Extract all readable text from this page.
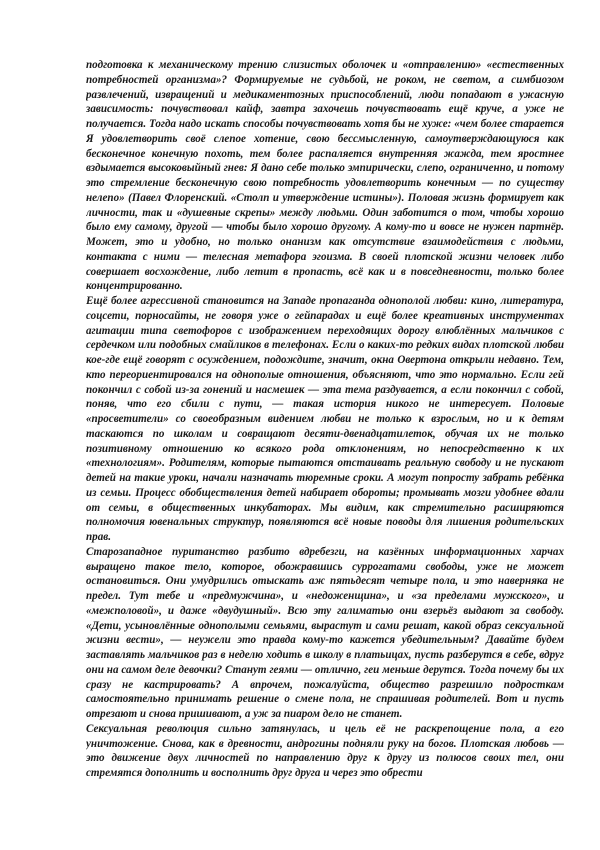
подготовка к механическому трению слизистых оболочек и «отправлению» «естественных потребностей организма»? Формируемые не судьбой, не роком, не светом, а симбиозом развлечений, извращений и медикаментозных приспособлений, люди попадают в ужасную зависимость: почувствовал кайф, завтра захочешь почувствовать ещё круче, а уже не получается. Тогда надо искать способы почувствовать хотя бы не хуже: «чем более старается Я удовлетворить своё слепое хотение, свою бессмысленную, самоутверждающуюся как бесконечное конечную похоть, тем более распаляется внутренняя жажда, тем яростнее вздымается высоковыйный гнев: Я дано себе только эмпирически, слепо, ограниченно, и потому это стремление бесконечную свою потребность удовлетворить конечным — по существу нелепо» (Павел Флоренский. «Столп и утверждение истины»). Половая жизнь формирует как личности, так и «душевные скрепы» между людьми. Один заботится о том, чтобы хорошо было ему самому, другой — чтобы было хорошо другому. А кому-то и вовсе не нужен партнёр. Может, это и удобно, но только онанизм как отсутствие взаимодействия с людьми, контакта с ними — телесная метафора эгоизма. В своей плотской жизни человек либо совершает восхождение, либо летит в пропасть, всё как и в повседневности, только более концентрированно.

Ещё более агрессивной становится на Западе пропаганда однополой любви: кино, литература, соцсети, порносайты, не говоря уже о гейпарадах и ещё более креативных инструментах агитации типа светофоров с изображением переходящих дорогу влюблённых мальчиков с сердечком или подобных смайликов в телефонах. Если о каких-то редких видах плотской любви кое-где ещё говорят с осуждением, подождите, значит, окна Овертона открыли недавно. Тем, кто переориентировался на однополые отношения, объясняют, что это нормально. Если гей покончил с собой из-за гонений и насмешек — эта тема раздувается, а если покончил с собой, поняв, что его сбили с пути, — такая история никого не интересует. Половые «просветители» со своеобразным видением любви не только к взрослым, но и к детям таскаются по школам и совращают десяти-двенадцатилеток, обучая их не только позитивному отношению ко всякого рода отклонениям, но непосредственно к их «технологиям». Родителям, которые пытаются отстаивать реальную свободу и не пускают детей на такие уроки, начали назначать тюремные сроки. А могут попросту забрать ребёнка из семьи. Процесс обобществления детей набирает обороты; промывать мозги удобнее вдали от семьи, в общественных инкубаторах. Мы видим, как стремительно расширяются полномочия ювенальных структур, появляются всё новые поводы для лишения родительских прав.

Старозападное пуританство разбито вдребезги, на казённых информационных харчах выращено такое тело, которое, обожравшись суррогатами свободы, уже не может остановиться. Они умудрились отыскать аж пятьдесят четыре пола, и это наверняка не предел. Тут тебе и «предмужчина», и «недоженщина», и «за пределами мужского», и «межполовой», и даже «двудушный». Всю эту галиматью они взерьёз выдают за свободу. «Дети, усыновлённые однополыми семьями, вырастут и сами решат, какой образ сексуальной жизни вести», — неужели это правда кому-то кажется убедительным? Давайте будем заставлять мальчиков раз в неделю ходить в школу в платьицах, пусть разберутся в себе, вдруг они на самом деле девочки? Станут геями — отлично, геи меньше дерутся. Тогда почему бы их сразу не кастрировать? А впрочем, пожалуйста, общество разрешило подросткам самостоятельно принимать решение о смене пола, не спрашивая родителей. Вот и пусть отрезают и снова пришивают, а уж за пиаром дело не станет.

Сексуальная революция сильно затянулась, и цель её не раскрепощение пола, а его уничтожение. Снова, как в древности, андрогины подняли руку на богов. Плотская любовь — это движение двух личностей по направлению друг к другу из полюсов своих тел, они стремятся дополнить и восполнить друг друга и через это обрести
